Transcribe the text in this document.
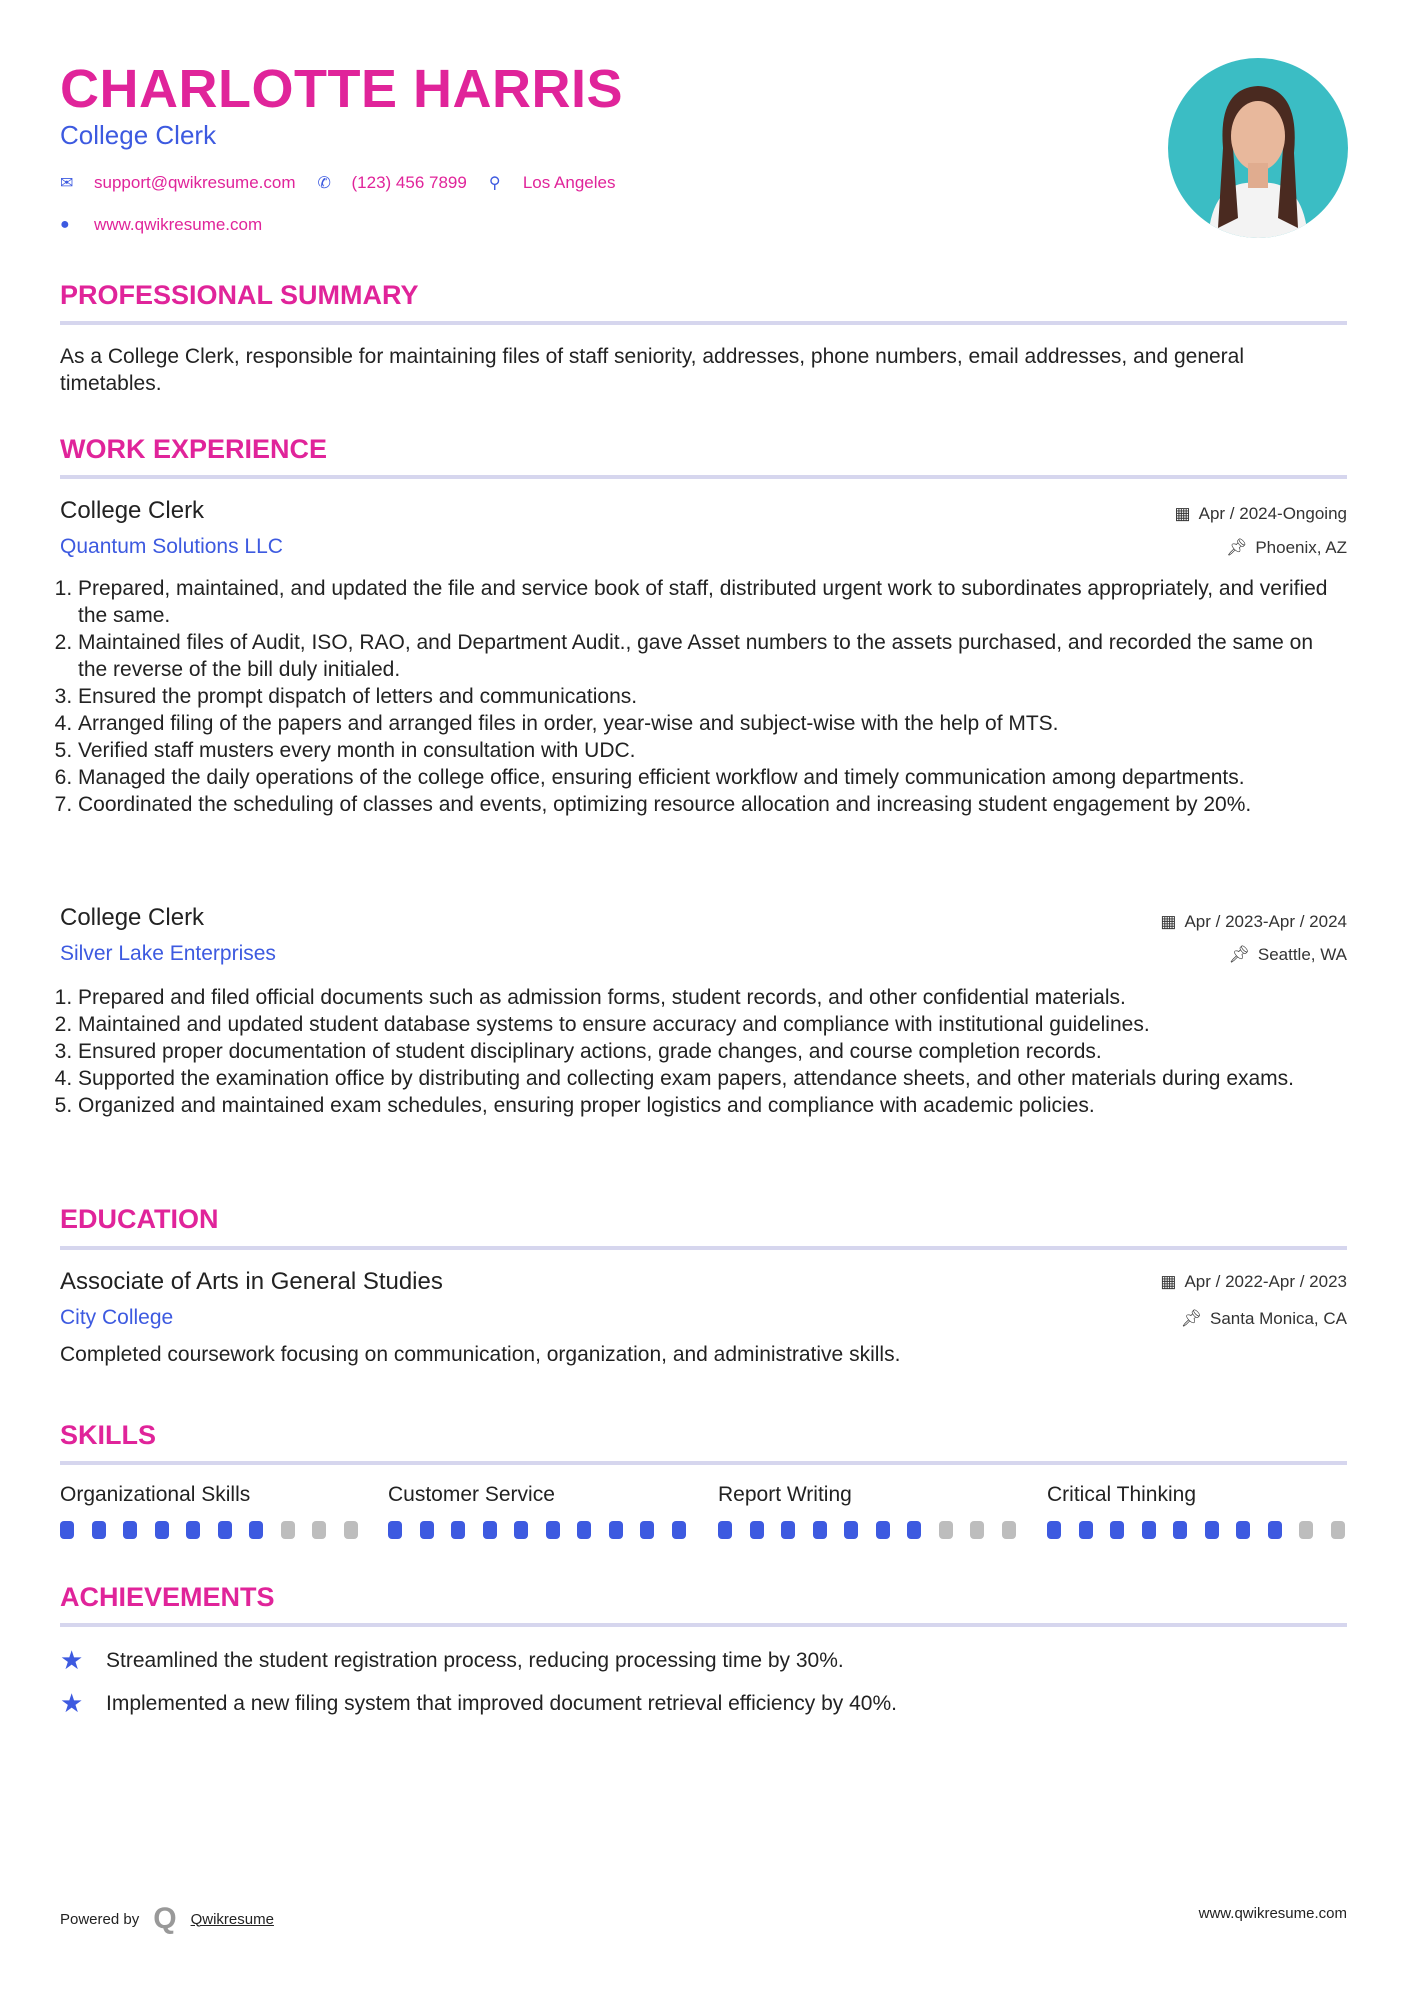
CHARLOTTE HARRIS
College Clerk
✉	support@qwikresume.com ✆	(123) 456 7899 ⚲	Los Angeles
●	www.qwikresume.com
PROFESSIONAL SUMMARY
As a College Clerk, responsible for maintaining files of staff seniority, addresses, phone numbers, email addresses, and general timetables.
WORK EXPERIENCE
College Clerk	▦ Apr / 2024-Ongoing
Quantum Solutions LLC	📌︎ Phoenix, AZ
1. Prepared, maintained, and updated the file and service book of staff, distributed urgent work to subordinates appropriately, and verified the same.
2. Maintained files of Audit, ISO, RAO, and Department Audit., gave Asset numbers to the assets purchased, and recorded the same on the reverse of the bill duly initialed.
3. Ensured the prompt dispatch of letters and communications.
4. Arranged filing of the papers and arranged files in order, year-wise and subject-wise with the help of MTS.
5. Verified staff musters every month in consultation with UDC.
6. Managed the daily operations of the college office, ensuring efficient workflow and timely communication among departments.
7. Coordinated the scheduling of classes and events, optimizing resource allocation and increasing student engagement by 20%.
College Clerk	▦ Apr / 2023-Apr / 2024
Silver Lake Enterprises	📌︎ Seattle, WA
1. Prepared and filed official documents such as admission forms, student records, and other confidential materials.
2. Maintained and updated student database systems to ensure accuracy and compliance with institutional guidelines.
3. Ensured proper documentation of student disciplinary actions, grade changes, and course completion records.
4. Supported the examination office by distributing and collecting exam papers, attendance sheets, and other materials during exams.
5. Organized and maintained exam schedules, ensuring proper logistics and compliance with academic policies.
EDUCATION
Associate of Arts in General Studies	▦ Apr / 2022-Apr / 2023
City College	📌︎ Santa Monica, CA
Completed coursework focusing on communication, organization, and administrative skills.
SKILLS
Organizational Skills	Customer Service	Report Writing	Critical Thinking
ACHIEVEMENTS
★	Streamlined the student registration process, reducing processing time by 30%.
★	Implemented a new filing system that improved document retrieval efficiency by 40%.
Powered by Q Qwikresume	www.qwikresume.com
